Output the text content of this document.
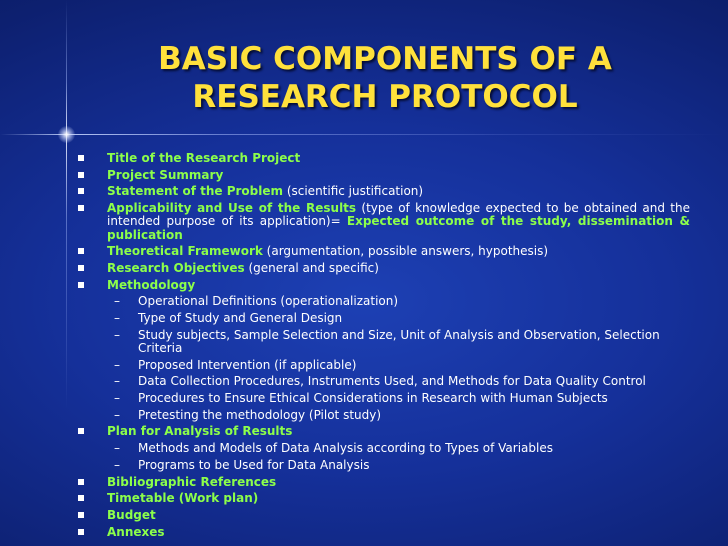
BASIC COMPONENTS OF A
RESEARCH PROTOCOL
Title of the Research Project
Project Summary
Statement of the Problem (scientific justification)
Applicability and Use of the Results (type of knowledge expected to be obtained and the intended purpose of its application)= Expected outcome of the study, dissemination & publication
Theoretical Framework (argumentation, possible answers, hypothesis)
Research Objectives (general and specific)
Methodology
– Operational Definitions (operationalization)
– Type of Study and General Design
– Study subjects, Sample Selection and Size, Unit of Analysis and Observation, Selection Criteria
– Proposed Intervention (if applicable)
– Data Collection Procedures, Instruments Used, and Methods for Data Quality Control
– Procedures to Ensure Ethical Considerations in Research with Human Subjects
– Pretesting the methodology (Pilot study)
Plan for Analysis of Results
– Methods and Models of Data Analysis according to Types of Variables
– Programs to be Used for Data Analysis
Bibliographic References
Timetable (Work plan)
Budget
Annexes
